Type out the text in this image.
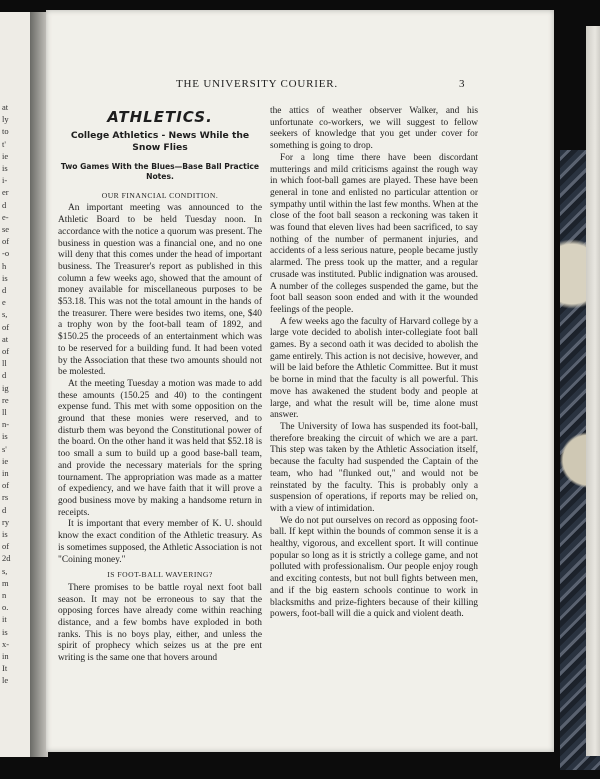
at
ly
to
t'
ie
is
i-
er
d
e-
se
of
-o
h
is
d
e
s,
of
at
of
ll
d
ig
re
ll
n-
is
s'
ie
in
of
rs
d
ry
is
of
2d
s,
m
n
o.
it
is
x-
in
It
le
THE UNIVERSITY COURIER.	3
ATHLETICS.
College Athletics - News While the Snow Flies
Two Games With the Blues—Base Ball Practice Notes.
OUR FINANCIAL CONDITION.

An important meeting was announced to the Athletic Board to be held Tuesday noon. In accordance with the notice a quorum was present. The business in question was a financial one, and no one will deny that this comes under the head of important business. The Treasurer's report as published in this column a few weeks ago, showed that the amount of money available for miscellaneous purposes to be $53.18. This was not the total amount in the hands of the treasurer. There were besides two items, one, $40 a trophy won by the foot-ball team of 1892, and $150.25 the proceeds of an entertainment which was to be reserved for a building fund. It had been voted by the Association that these two amounts should not be molested.

At the meeting Tuesday a motion was made to add these amounts (150.25 and 40) to the contingent expense fund. This met with some opposition on the ground that these monies were reserved, and to disturb them was beyond the Constitutional power of the board. On the other hand it was held that $52.18 is too small a sum to build up a good base-ball team, and provide the necessary materials for the spring tournament. The appropriation was made as a matter of expediency, and we have faith that it will prove a good business move by making a handsome return in receipts.

It is important that every member of K. U. should know the exact condition of the Athletic treasury. As is sometimes supposed, the Athletic Association is not "Coining money."

IS FOOT-BALL WAVERING?

There promises to be battle royal next foot ball season. It may not be erroneous to say that the opposing forces have already come within reaching distance, and a few bombs have exploded in both ranks. This is no boys play, either, and unless the spirit of prophecy which seizes us at the pre ent writing is the same one that hovers around

the attics of weather observer Walker, and his unfortunate co-workers, we will suggest to fellow seekers of knowledge that you get under cover for something is going to drop.

For a long time there have been discordant mutterings and mild criticisms against the rough way in which foot-ball games are played. These have been general in tone and enlisted no particular attention or sympathy until within the last few months. When at the close of the foot ball season a reckoning was taken it was found that eleven lives had been sacrificed, to say nothing of the number of permanent injuries, and accidents of a less serious nature, people became justly alarmed. The press took up the matter, and a regular crusade was instituted. Public indignation was aroused. A number of the colleges suspended the game, but the foot ball season soon ended and with it the wounded feelings of the people.

A few weeks ago the faculty of Harvard college by a large vote decided to abolish inter-collegiate foot ball games. By a second oath it was decided to abolish the game entirely. This action is not decisive, however, and will be laid before the Athletic Committee. But it must be borne in mind that the faculty is all powerful. This move has awakened the student body and people at large, and what the result will be, time alone must answer.

The University of Iowa has suspended its foot-ball, therefore breaking the circuit of which we are a part. This step was taken by the Athletic Association itself, because the faculty had suspended the Captain of the team, who had "flunked out," and would not be reinstated by the faculty. This is probably only a suspension of operations, if reports may be relied on, with a view of intimidation.

We do not put ourselves on record as opposing foot-ball. If kept within the bounds of common sense it is a healthy, vigorous, and excellent sport. It will continue popular so long as it is strictly a college game, and not polluted with professionalism. Our people enjoy rough and exciting contests, but not bull fights between men, and if the big eastern schools continue to work in blacksmiths and prize-fighters because of their killing powers, foot-ball will die a quick and violent death.
